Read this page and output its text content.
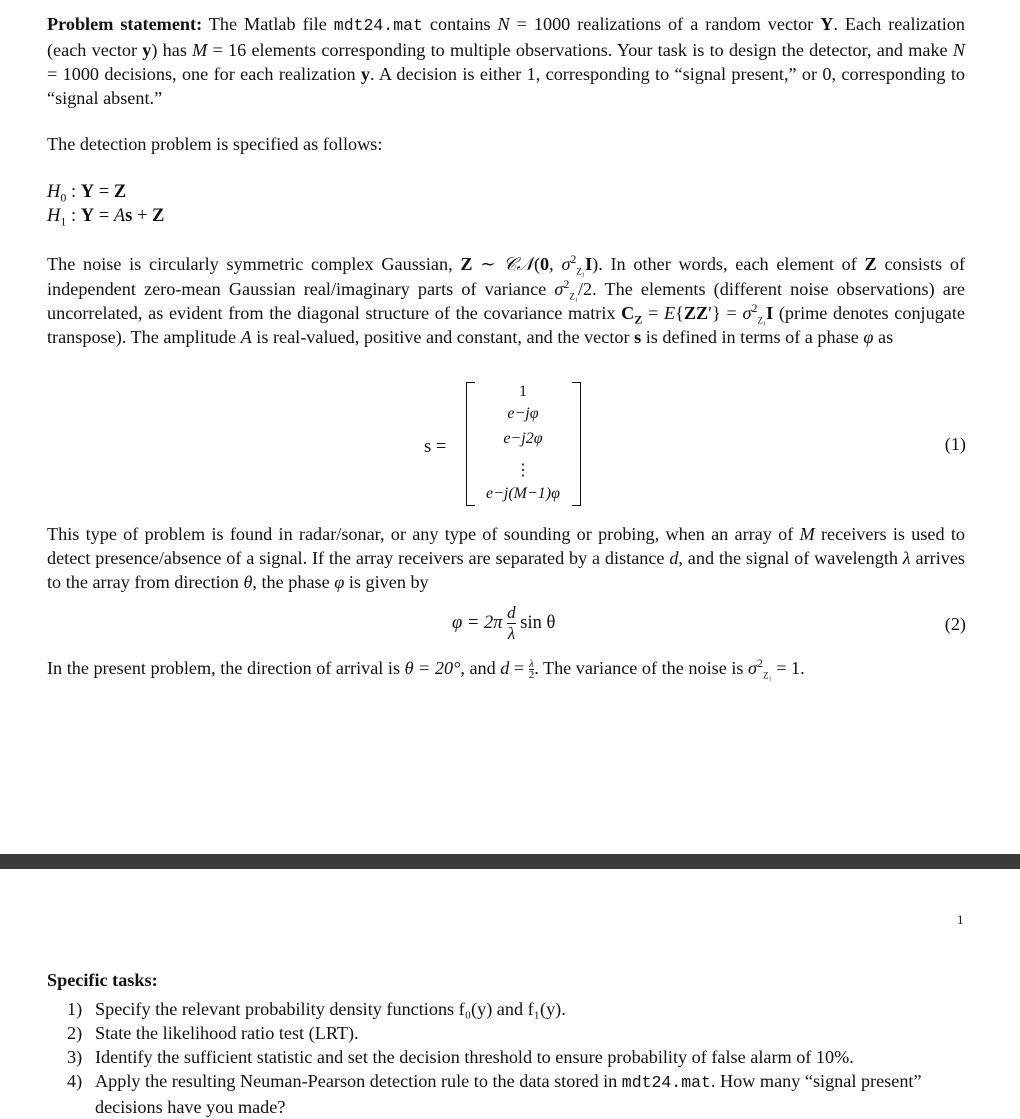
Problem statement: The Matlab file mdt24.mat contains N = 1000 realizations of a random vector Y. Each realization (each vector y) has M = 16 elements corresponding to multiple observations. Your task is to design the detector, and make N = 1000 decisions, one for each realization y. A decision is either 1, corresponding to “signal present,” or 0, corresponding to “signal absent.”

The detection problem is specified as follows:

$H_0$ : Y = Z
$H_1$ : Y = As + Z

The noise is circularly symmetric complex Gaussian, Z ∼ 𝒞𝒩(0, $\sigma^2_{Z_1}I$). In other words, each element of Z consists of independent zero-mean Gaussian real/imaginary parts of variance $\sigma^2_{Z_1}/2$. The elements (different noise observations) are uncorrelated, as evident from the diagonal structure of the covariance matrix $C_Z = E\{ZZ'\} = \sigma^2_{Z_1}I$ (prime denotes conjugate transpose). The amplitude A is real-valued, positive and constant, and the vector s is defined in terms of a phase φ as

s =
1
e−jφ
e−j2φ
⋮
e−j(M−1)φ
(1)

This type of problem is found in radar/sonar, or any type of sounding or probing, when an array of M receivers is used to detect presence/absence of a signal. If the array receivers are separated by a distance d, and the signal of wavelength λ arrives to the array from direction θ, the phase φ is given by

$\varphi = 2\pi \frac{d}{\lambda}$ sin θ	(2)

In the present problem, the direction of arrival is θ = 20°, and d = λ
2. The variance of the noise is $\sigma^2_{Z_1} = 1$.

1
Specific tasks:
1) Specify the relevant probability density functions f₀(y) and f₁(y).
2) State the likelihood ratio test (LRT).
3) Identify the sufficient statistic and set the decision threshold to ensure probability of false alarm of 10%.
4) Apply the resulting Neuman-Pearson detection rule to the data stored in mdt24.mat. How many “signal present” decisions have you made?
